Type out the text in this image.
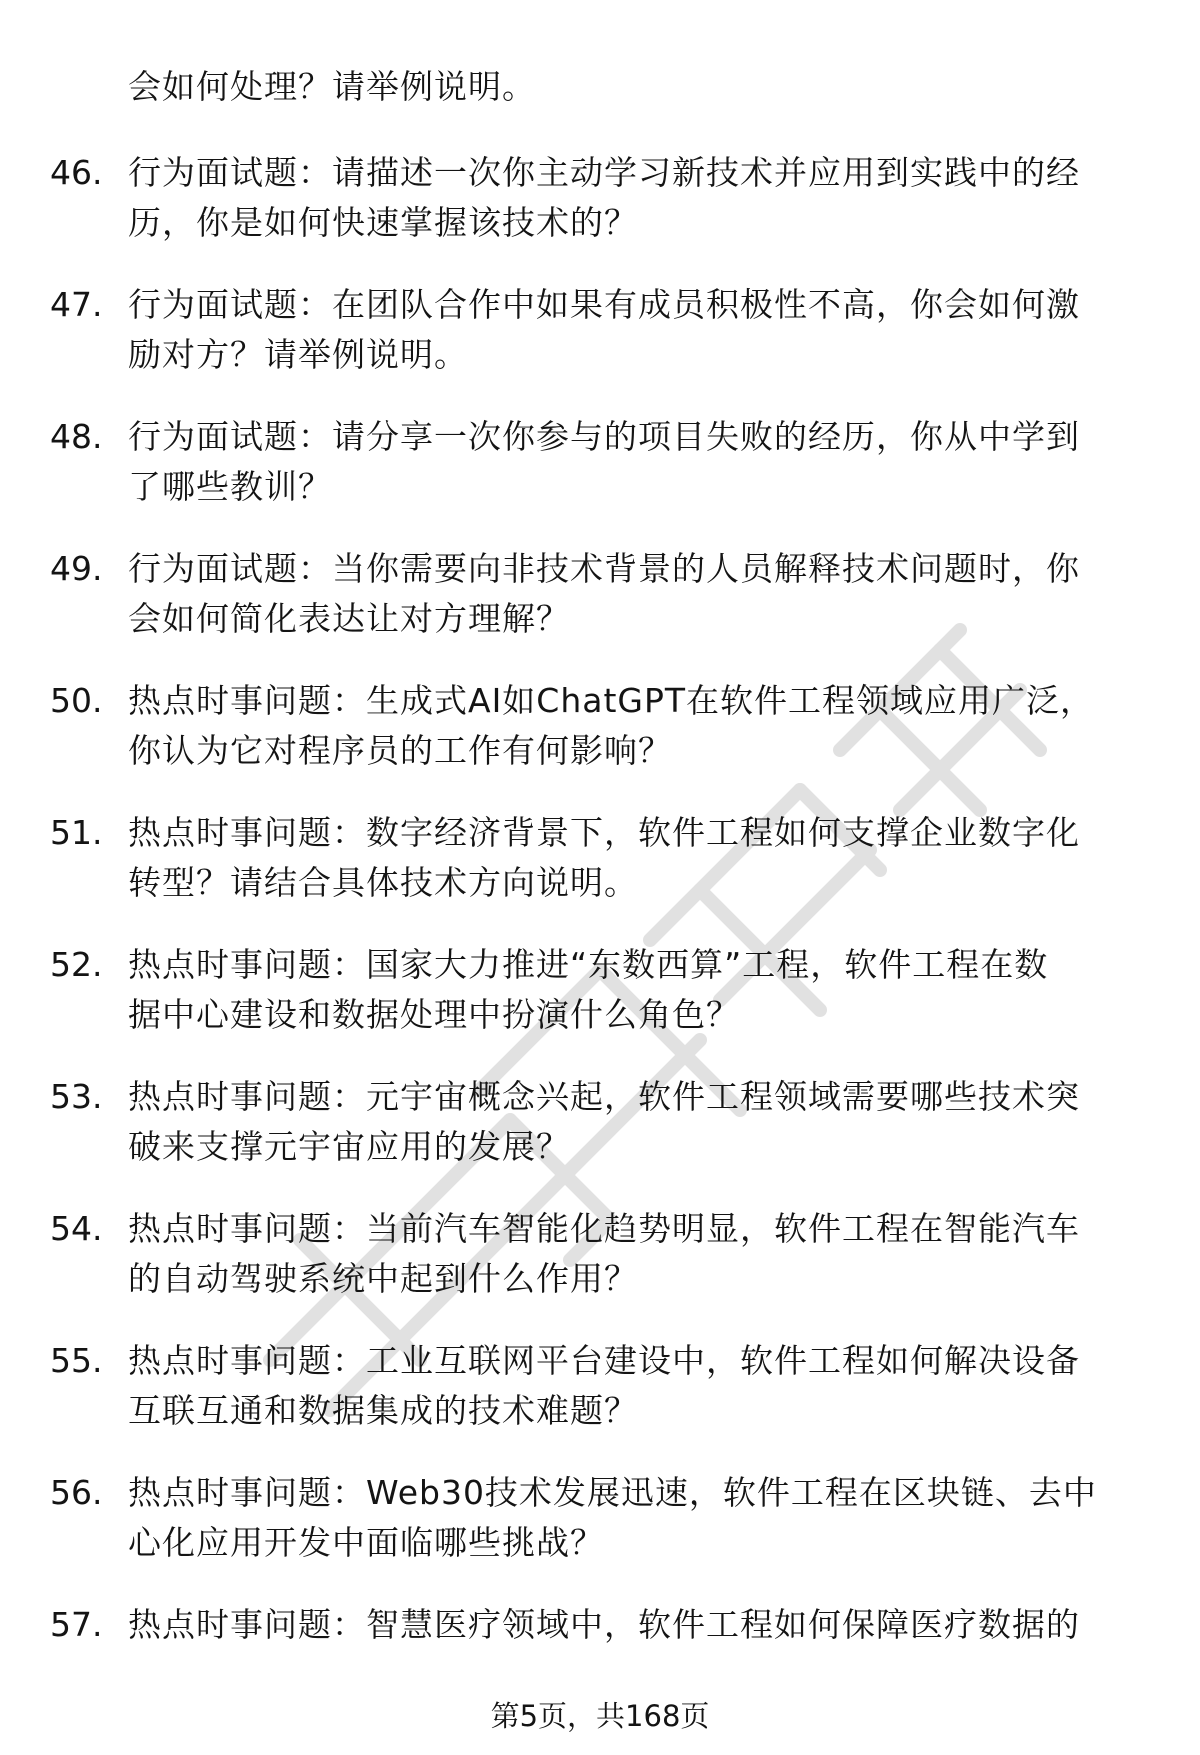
会如何处理？请举例说明。
46. 行为面试题：请描述一次你主动学习新技术并应用到实践中的经
历，你是如何快速掌握该技术的？
47. 行为面试题：在团队合作中如果有成员积极性不高，你会如何激
励对方？请举例说明。
48. 行为面试题：请分享一次你参与的项目失败的经历，你从中学到
了哪些教训？
49. 行为面试题：当你需要向非技术背景的人员解释技术问题时，你
会如何简化表达让对方理解？
50. 热点时事问题：生成式AI如ChatGPT在软件工程领域应用广泛，
你认为它对程序员的工作有何影响？
51. 热点时事问题：数字经济背景下，软件工程如何支撑企业数字化
转型？请结合具体技术方向说明。
52. 热点时事问题：国家大力推进“东数西算”工程，软件工程在数
据中心建设和数据处理中扮演什么角色？
53. 热点时事问题：元宇宙概念兴起，软件工程领域需要哪些技术突
破来支撑元宇宙应用的发展？
54. 热点时事问题：当前汽车智能化趋势明显，软件工程在智能汽车
的自动驾驶系统中起到什么作用？
55. 热点时事问题：工业互联网平台建设中，软件工程如何解决设备
互联互通和数据集成的技术难题？
56. 热点时事问题：Web30技术发展迅速，软件工程在区块链、去中
心化应用开发中面临哪些挑战？
57. 热点时事问题：智慧医疗领域中，软件工程如何保障医疗数据的
第5页，共168页
